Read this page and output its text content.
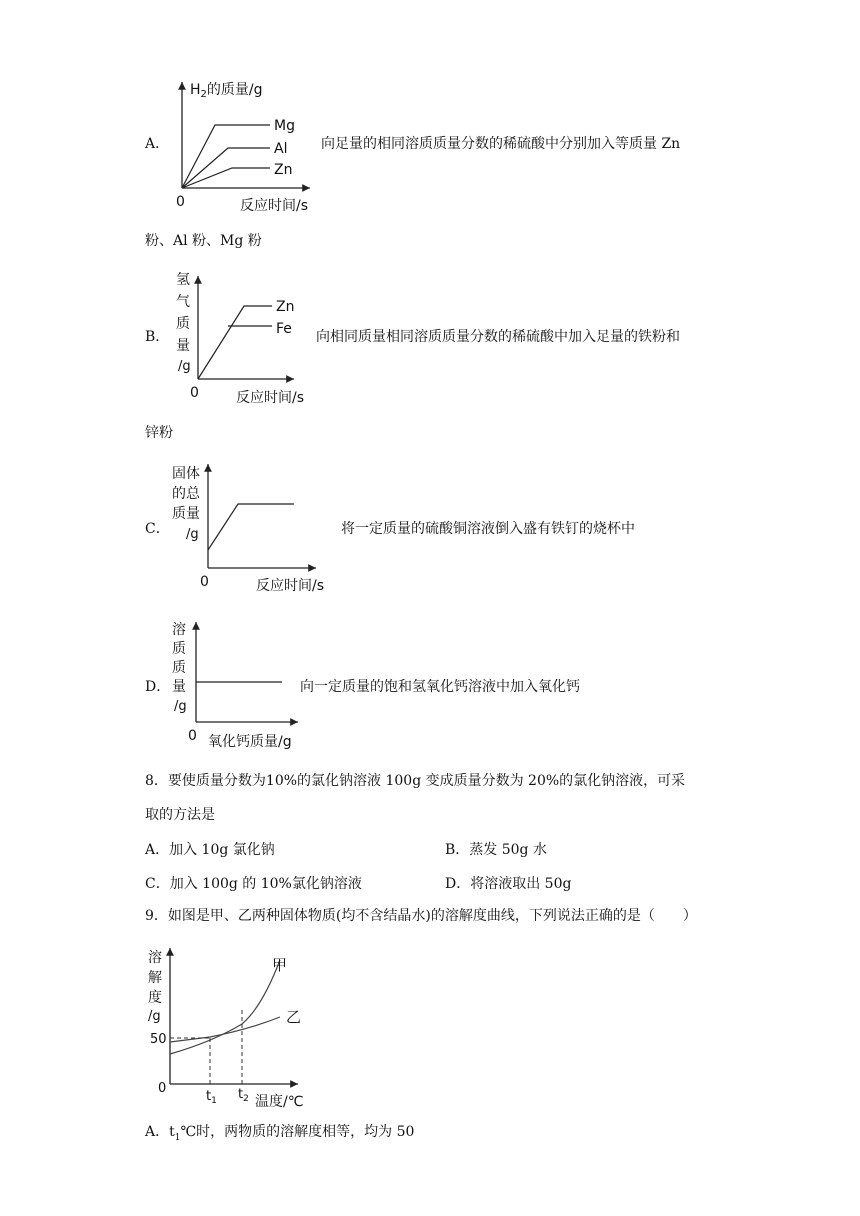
A．
$H_2$的质量/g
Mg
Al
Zn
0	反应时间/s
向足量的相同溶质质量分数的稀硫酸中分别加入等质量 Zn
粉、Al 粉、Mg 粉
B．
氢
气
质
量
/g
Zn
Fe
0	反应时间/s
向相同质量相同溶质质量分数的稀硫酸中加入足量的铁粉和
锌粉
C．
固体
的总
质量
/g
0	反应时间/s
将一定质量的硫酸铜溶液倒入盛有铁钉的烧杯中
D．
溶
质
质
量
/g
0 氧化钙质量/g
向一定质量的饱和氢氧化钙溶液中加入氧化钙
8．要使质量分数为10%的氯化钠溶液 100g 变成质量分数为 20%的氯化钠溶液，可采
取的方法是
A．加入 10g 氯化钠	B．蒸发 50g 水
C．加入 100g 的 10%氯化钠溶液	D．将溶液取出 50g
9．如图是甲、乙两种固体物质(均不含结晶水)的溶解度曲线，下列说法正确的是（　　）
溶
解
度
/g
50
0
$t_1$ $t_2$ 温度/℃
甲
乙
A．$t_1℃$时，两物质的溶解度相等，均为 50
